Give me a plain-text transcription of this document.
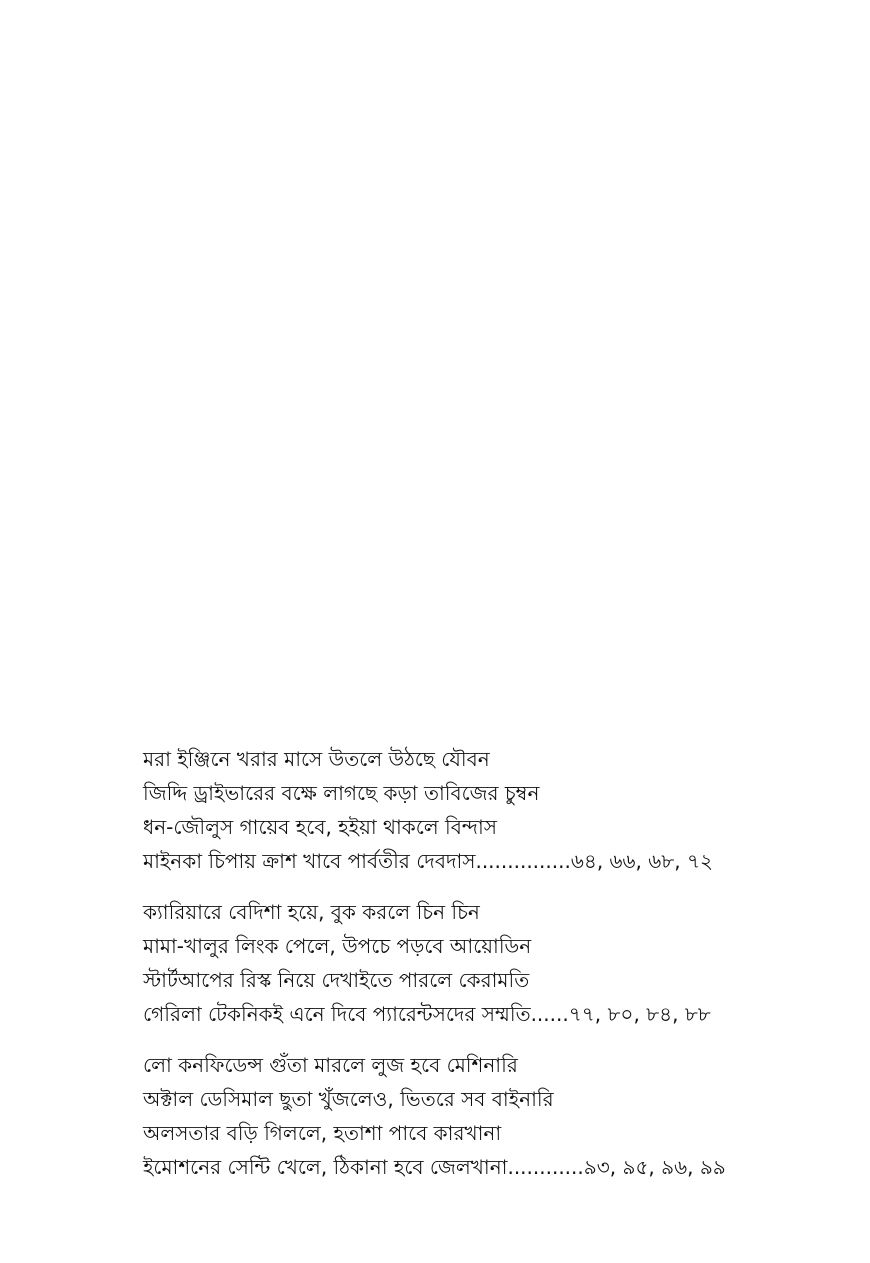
মরা ইঞ্জিনে খরার মাসে উতলে উঠছে যৌবন
জিদ্দি ড্রাইভারের বক্ষে লাগছে কড়া তাবিজের চুম্বন
ধন-জৌলুস গায়েব হবে, হইয়া থাকলে বিন্দাস
মাইনকা চিপায় ক্রাশ খাবে পার্বতীর দেবদাস...............৬৪, ৬৬, ৬৮, ৭২
ক্যারিয়ারে বেদিশা হয়ে, বুক করলে চিন চিন
মামা-খালুর লিংক পেলে, উপচে পড়বে আয়োডিন
স্টার্টআপের রিস্ক নিয়ে দেখাইতে পারলে কেরামতি
গেরিলা টেকনিকই এনে দিবে প্যারেন্টসদের সম্মতি......৭৭, ৮০, ৮৪, ৮৮
লো কনফিডেন্স গুঁতা মারলে লুজ হবে মেশিনারি
অক্টাল ডেসিমাল ছুতা খুঁজলেও, ভিতরে সব বাইনারি
অলসতার বড়ি গিললে, হতাশা পাবে কারখানা
ইমোশনের সেন্টি খেলে, ঠিকানা হবে জেলখানা............৯৩, ৯৫, ৯৬, ৯৯
